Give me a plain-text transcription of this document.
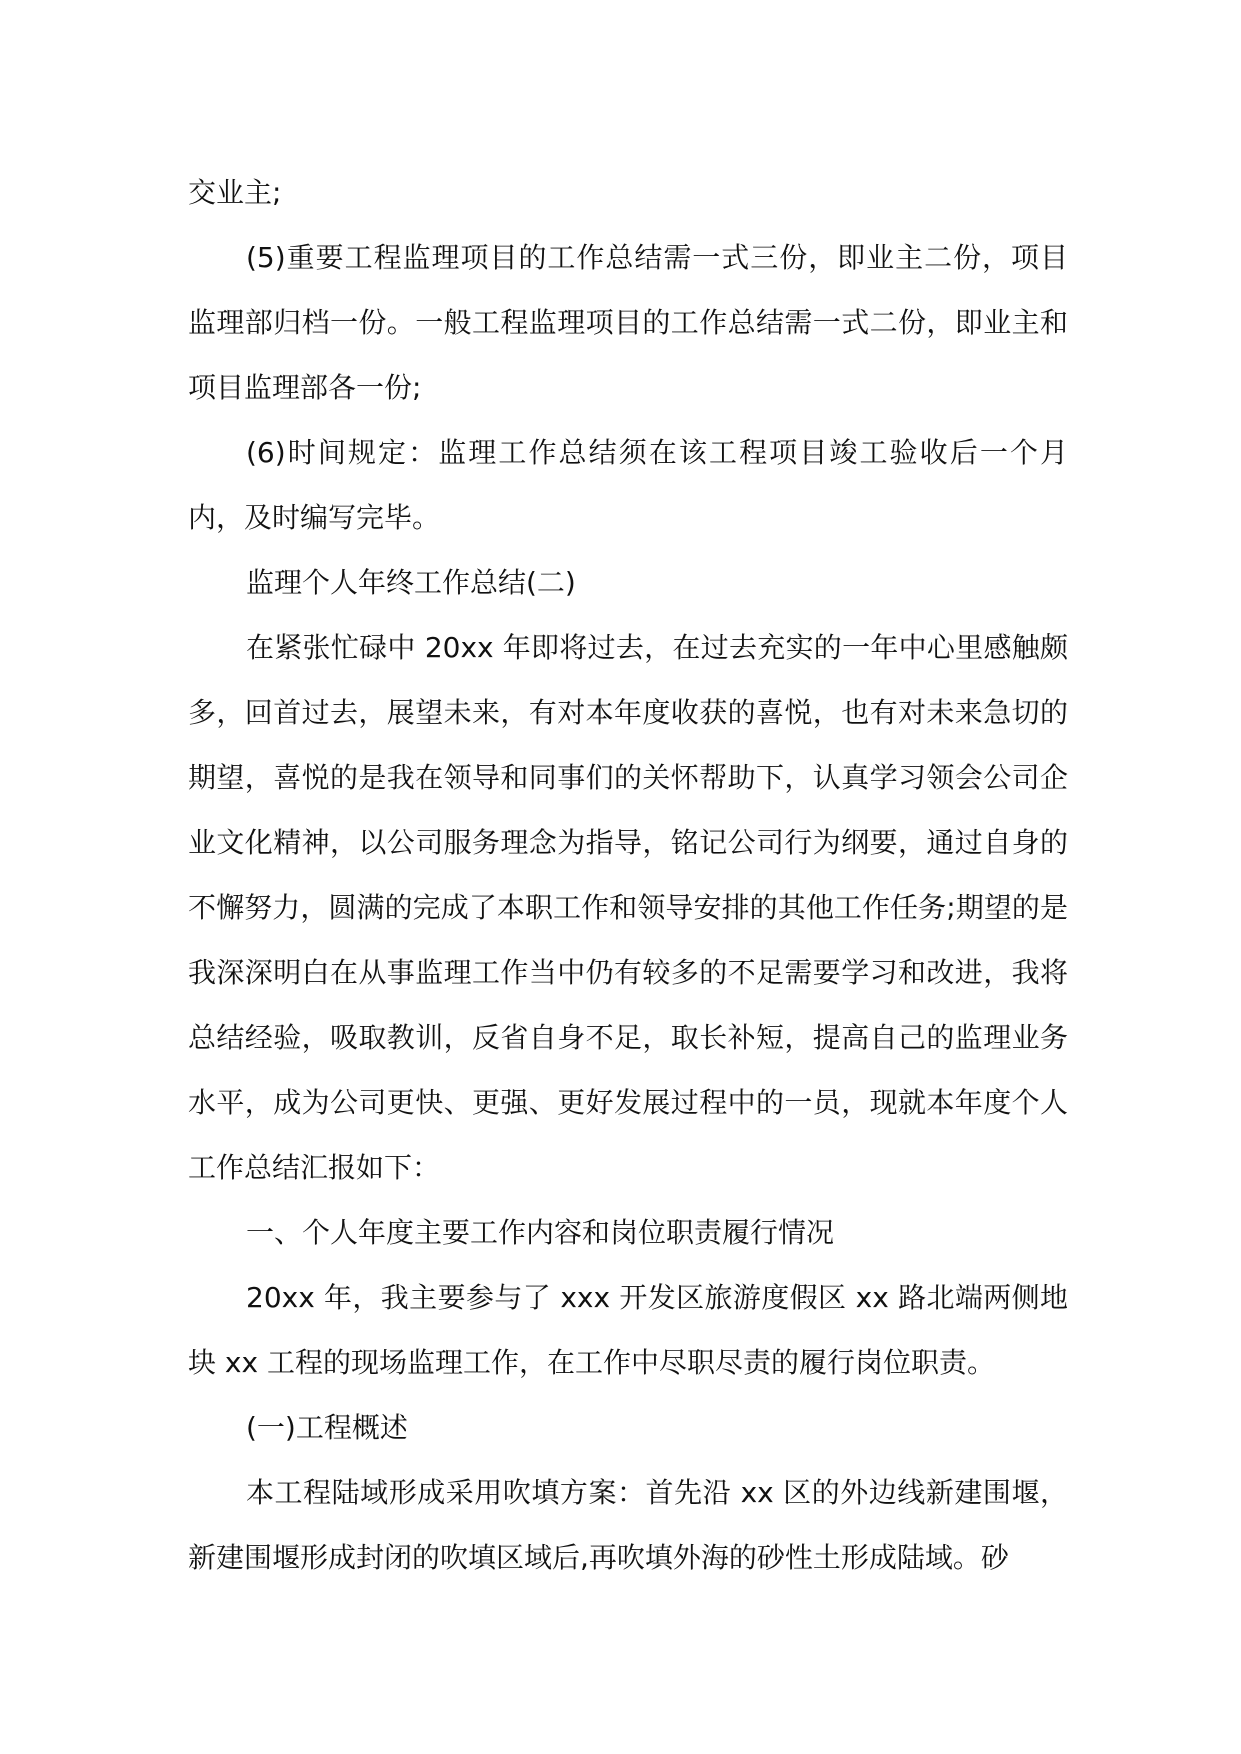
交业主;

(5)重要工程监理项目的工作总结需一式三份，即业主二份，项目监理部归档一份。一般工程监理项目的工作总结需一式二份，即业主和项目监理部各一份;

(6)时间规定：监理工作总结须在该工程项目竣工验收后一个月内，及时编写完毕。

监理个人年终工作总结(二)

在紧张忙碌中 20xx 年即将过去，在过去充实的一年中心里感触颇多，回首过去，展望未来，有对本年度收获的喜悦，也有对未来急切的期望，喜悦的是我在领导和同事们的关怀帮助下，认真学习领会公司企业文化精神，以公司服务理念为指导，铭记公司行为纲要，通过自身的不懈努力，圆满的完成了本职工作和领导安排的其他工作任务;期望的是我深深明白在从事监理工作当中仍有较多的不足需要学习和改进，我将总结经验，吸取教训，反省自身不足，取长补短，提高自己的监理业务水平，成为公司更快、更强、更好发展过程中的一员，现就本年度个人工作总结汇报如下：

一、个人年度主要工作内容和岗位职责履行情况

20xx 年，我主要参与了 xxx 开发区旅游度假区 xx 路北端两侧地块 xx 工程的现场监理工作，在工作中尽职尽责的履行岗位职责。

(一)工程概述

本工程陆域形成采用吹填方案：首先沿 xx 区的外边线新建围堰，新建围堰形成封闭的吹填区域后,再吹填外海的砂性土形成陆域。砂
